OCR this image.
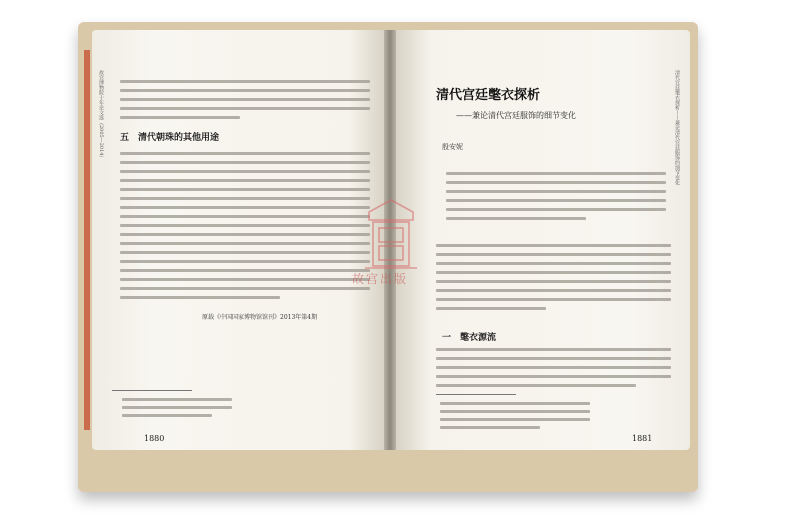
故宫博物院十年论文选（2005—2014） 五　清代朝珠的其他用途
原载《中国国家博物馆馆刊》2013年第4期
1880
清代宫廷氅衣探析——兼论清代宫廷服饰的细节变化
清代宫廷氅衣探析
——兼论清代宫廷服饰的细节变化
殷安妮
一　氅衣源流
1881
故宫出版
